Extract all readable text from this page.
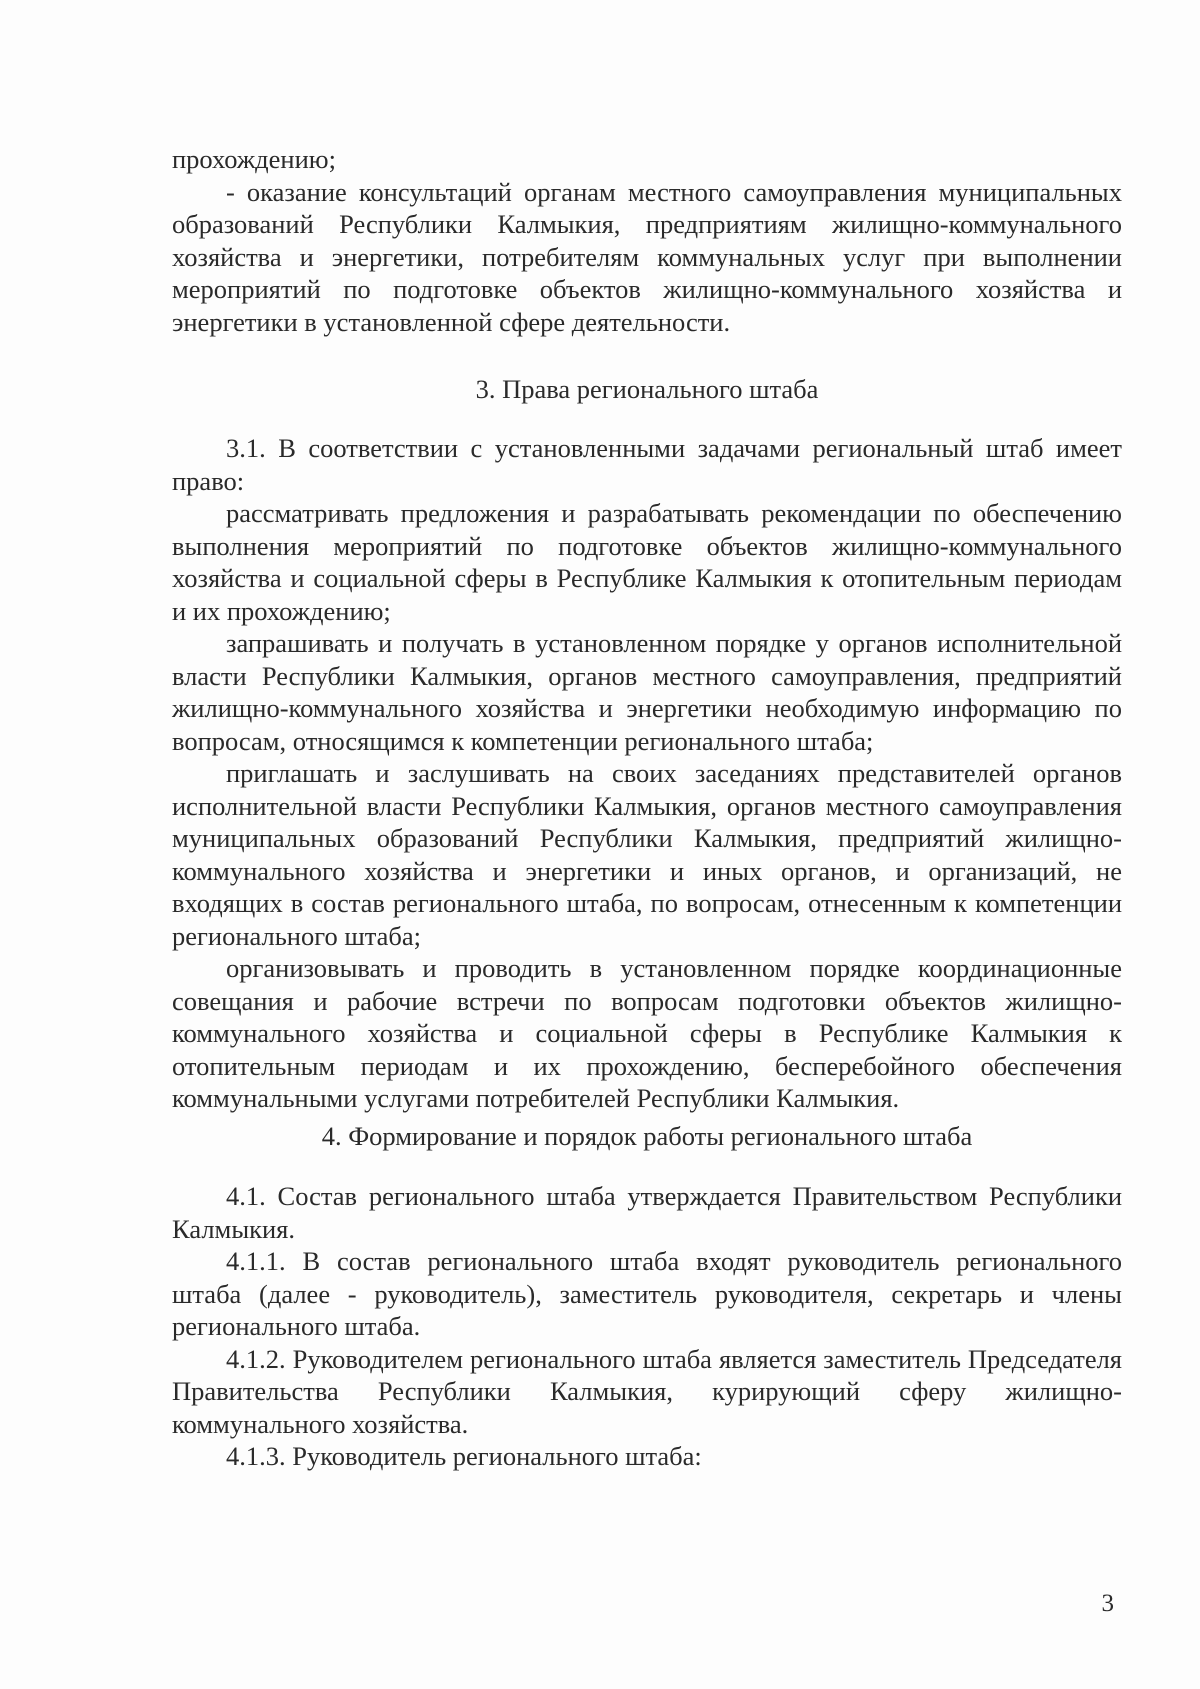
прохождению;

- оказание консультаций органам местного самоуправления муниципальных образований Республики Калмыкия, предприятиям жилищно-коммунального хозяйства и энергетики, потребителям коммунальных услуг при выполнении мероприятий по подготовке объектов жилищно-коммунального хозяйства и энергетики в установленной сфере деятельности.

3. Права регионального штаба

3.1. В соответствии с установленными задачами региональный штаб имеет право:

рассматривать предложения и разрабатывать рекомендации по обеспечению выполнения мероприятий по подготовке объектов жилищно-коммунального хозяйства и социальной сферы в Республике Калмыкия к отопительным периодам и их прохождению;

запрашивать и получать в установленном порядке у органов исполнительной власти Республики Калмыкия, органов местного самоуправления, предприятий жилищно-коммунального хозяйства и энергетики необходимую информацию по вопросам, относящимся к компетенции регионального штаба;

приглашать и заслушивать на своих заседаниях представителей органов исполнительной власти Республики Калмыкия, органов местного самоуправления муниципальных образований Республики Калмыкия, предприятий жилищно-коммунального хозяйства и энергетики и иных органов, и организаций, не входящих в состав регионального штаба, по вопросам, отнесенным к компетенции регионального штаба;

организовывать и проводить в установленном порядке координационные совещания и рабочие встречи по вопросам подготовки объектов жилищно-коммунального хозяйства и социальной сферы в Республике Калмыкия к отопительным периодам и их прохождению, бесперебойного обеспечения коммунальными услугами потребителей Республики Калмыкия.

4. Формирование и порядок работы регионального штаба

4.1. Состав регионального штаба утверждается Правительством Республики Калмыкия.

4.1.1. В состав регионального штаба входят руководитель регионального штаба (далее - руководитель), заместитель руководителя, секретарь и члены регионального штаба.

4.1.2. Руководителем регионального штаба является заместитель Председателя Правительства Республики Калмыкия, курирующий сферу жилищно-коммунального хозяйства.

4.1.3. Руководитель регионального штаба:

3
